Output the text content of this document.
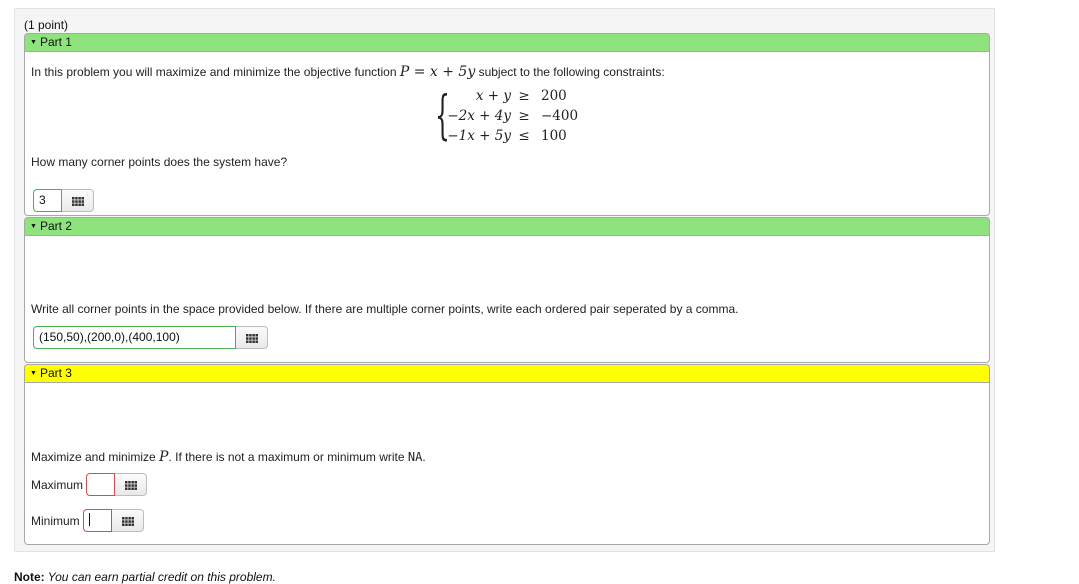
(1 point)
▼ Part 1
In this problem you will maximize and minimize the objective function P = x + 5y subject to the following constraints:
{ x + y ≥ 200
−2x + 4y ≥ −400
−1x + 5y ≤ 100
How many corner points does the system have?
3
▼ Part 2
Write all corner points in the space provided below. If there are multiple corner points, write each ordered pair seperated by a comma.
(150,50),(200,0),(400,100)
▼ Part 3
Maximize and minimize P. If there is not a maximum or minimum write NA.
Maximum
Minimum
Note: You can earn partial credit on this problem.
